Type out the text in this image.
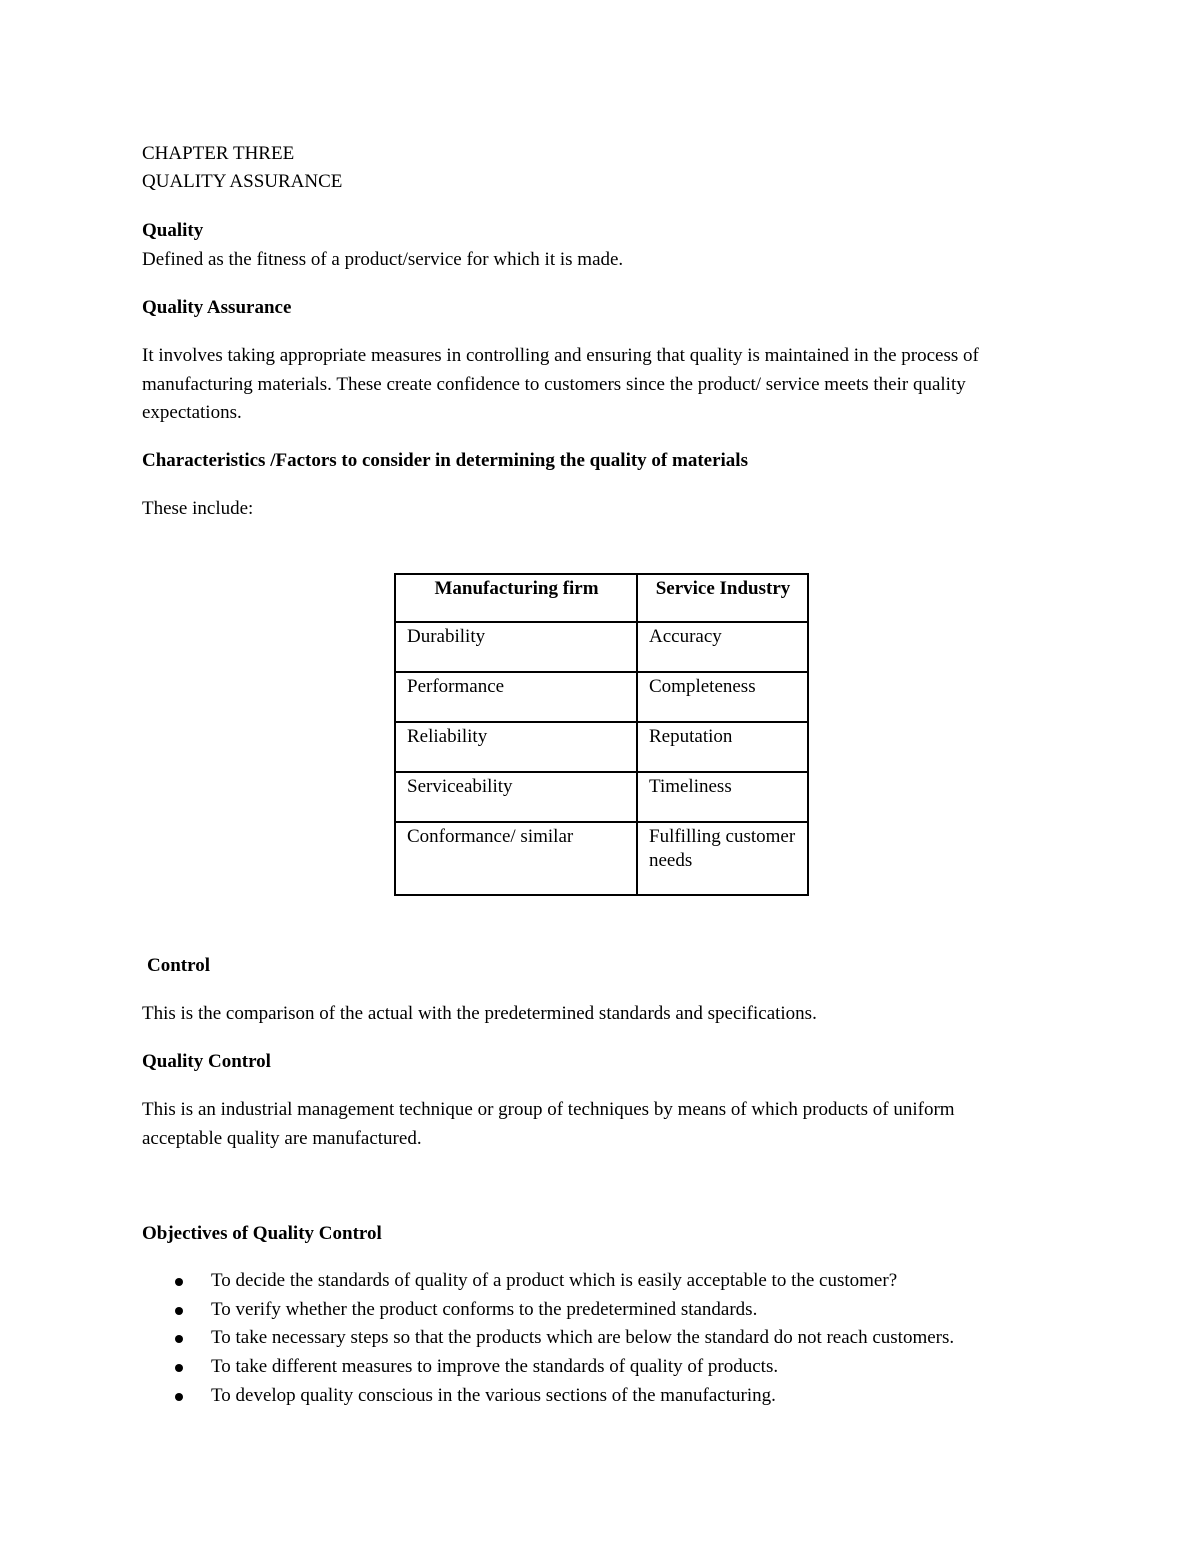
CHAPTER THREE

QUALITY ASSURANCE

Quality

Defined as the fitness of a product/service for which it is made.

Quality Assurance

It involves taking appropriate measures in controlling and ensuring that quality is maintained in the process of manufacturing materials. These create confidence to customers since the product/ service meets their quality expectations.

Characteristics /Factors to consider in determining the quality of materials

These include:

Manufacturing firm	Service Industry
Durability	Accuracy
Performance	Completeness
Reliability	Reputation
Serviceability	Timeliness
Conformance/ similar	Fulfilling customer needs

Control

This is the comparison of the actual with the predetermined standards and specifications.

Quality Control

This is an industrial management technique or group of techniques by means of which products of uniform acceptable quality are manufactured.

Objectives of Quality Control

To decide the standards of quality of a product which is easily acceptable to the customer?
To verify whether the product conforms to the predetermined standards.
To take necessary steps so that the products which are below the standard do not reach customers.
To take different measures to improve the standards of quality of products.
To develop quality conscious in the various sections of the manufacturing.
